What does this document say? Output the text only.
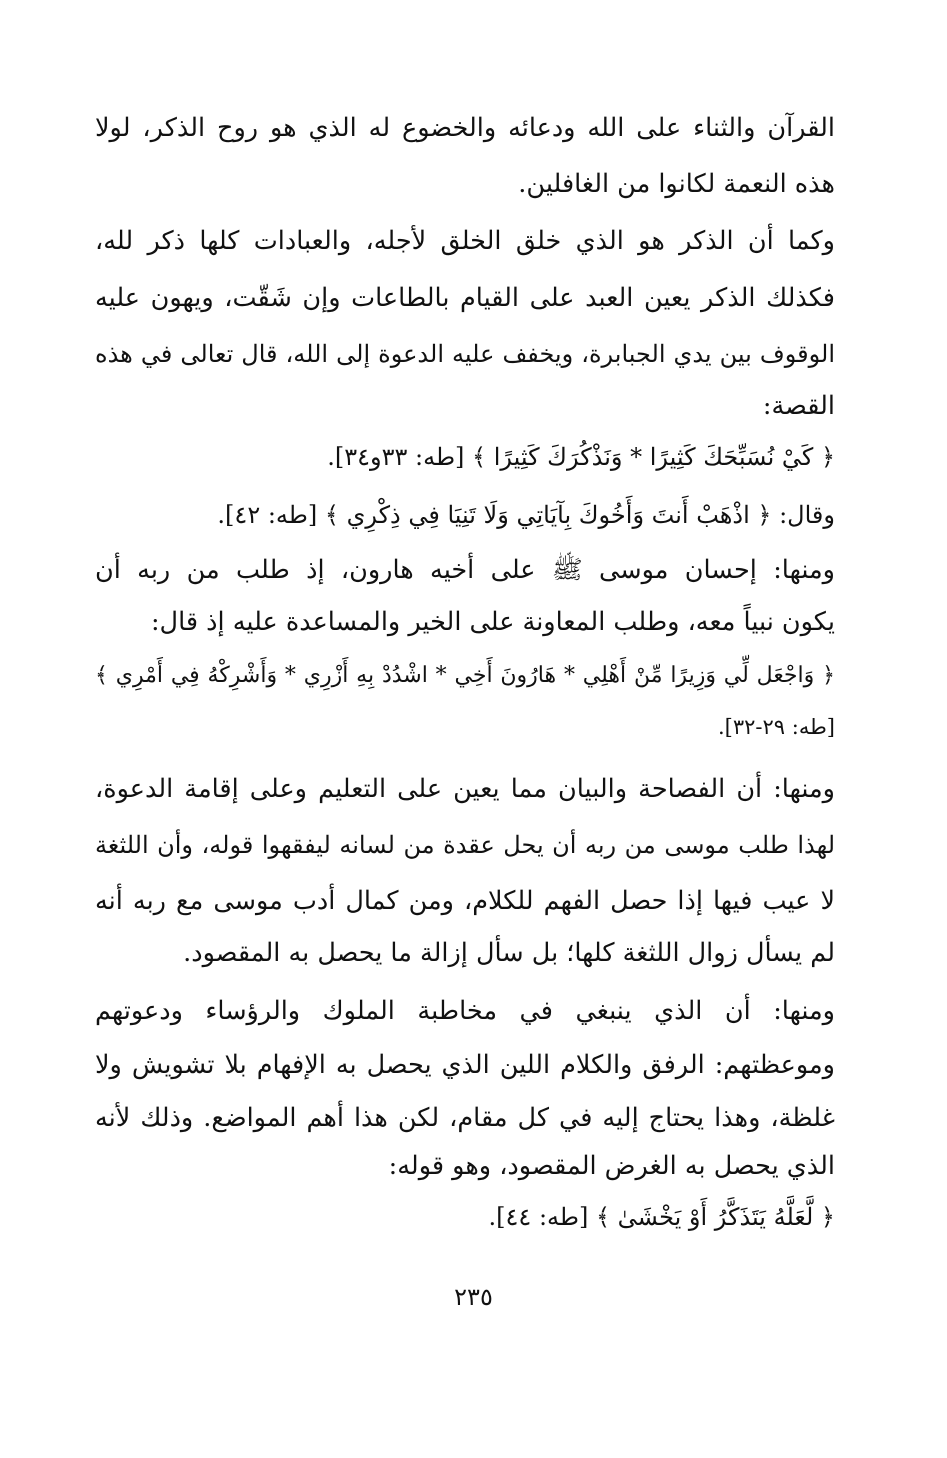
القرآن والثناء على الله ودعائه والخضوع له الذي هو روح الذكر، لولا
هذه النعمة لكانوا من الغافلين.
وكما أن الذكر هو الذي خلق الخلق لأجله، والعبادات كلها ذكر لله،
فكذلك الذكر يعين العبد على القيام بالطاعات وإن شَقّت، ويهون عليه
الوقوف بين يدي الجبابرة، ويخفف عليه الدعوة إلى الله، قال تعالى في هذه
القصة:
﴿ كَيْ نُسَبِّحَكَ كَثِيرًا * وَنَذْكُرَكَ كَثِيرًا ﴾ [طه: ٣٣و٣٤].
وقال: ﴿ اذْهَبْ أَنتَ وَأَخُوكَ بِآيَاتِي وَلَا تَنِيَا فِي ذِكْرِي ﴾ [طه: ٤٢].
ومنها: إحسان موسى ﷺ على أخيه هارون، إذ طلب من ربه أن
يكون نبياً معه، وطلب المعاونة على الخير والمساعدة عليه إذ قال:
﴿ وَاجْعَل لِّي وَزِيرًا مِّنْ أَهْلِي * هَارُونَ أَخِي * اشْدُدْ بِهِ أَزْرِي * وَأَشْرِكْهُ فِي أَمْرِي ﴾
[طه: ٢٩-٣٢].
ومنها: أن الفصاحة والبيان مما يعين على التعليم وعلى إقامة الدعوة،
لهذا طلب موسى من ربه أن يحل عقدة من لسانه ليفقهوا قوله، وأن اللثغة
لا عيب فيها إذا حصل الفهم للكلام، ومن كمال أدب موسى مع ربه أنه
لم يسأل زوال اللثغة كلها؛ بل سأل إزالة ما يحصل به المقصود.
ومنها: أن الذي ينبغي في مخاطبة الملوك والرؤساء ودعوتهم
وموعظتهم: الرفق والكلام اللين الذي يحصل به الإفهام بلا تشويش ولا
غلظة، وهذا يحتاج إليه في كل مقام، لكن هذا أهم المواضع. وذلك لأنه
الذي يحصل به الغرض المقصود، وهو قوله:
﴿ لَّعَلَّهُ يَتَذَكَّرُ أَوْ يَخْشَىٰ ﴾ [طه: ٤٤].
٢٣٥
